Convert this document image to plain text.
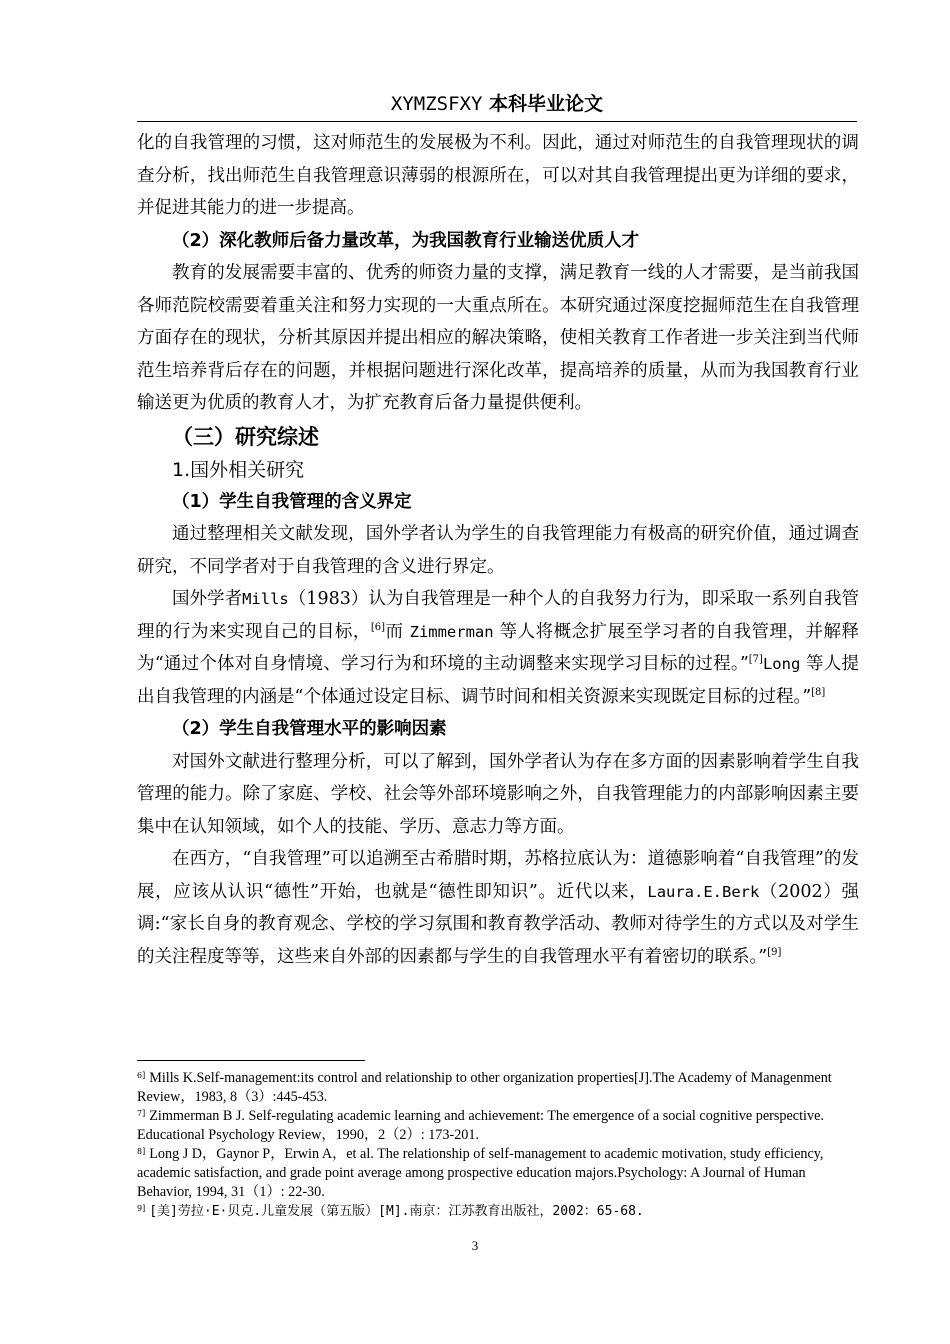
XYMZSFXY 本科毕业论文

化的自我管理的习惯，这对师范生的发展极为不利。因此，通过对师范生的自我管理现状的调查分析，找出师范生自我管理意识薄弱的根源所在，可以对其自我管理提出更为详细的要求，并促进其能力的进一步提高。

（2）深化教师后备力量改革，为我国教育行业输送优质人才

教育的发展需要丰富的、优秀的师资力量的支撑，满足教育一线的人才需要，是当前我国各师范院校需要着重关注和努力实现的一大重点所在。本研究通过深度挖掘师范生在自我管理方面存在的现状，分析其原因并提出相应的解决策略，使相关教育工作者进一步关注到当代师范生培养背后存在的问题，并根据问题进行深化改革，提高培养的质量，从而为我国教育行业输送更为优质的教育人才，为扩充教育后备力量提供便利。

（三）研究综述

1.国外相关研究

（1）学生自我管理的含义界定

通过整理相关文献发现，国外学者认为学生的自我管理能力有极高的研究价值，通过调查研究，不同学者对于自我管理的含义进行界定。

国外学者Mills（1983）认为自我管理是一种个人的自我努力行为，即采取一系列自我管理的行为来实现自己的目标，[6]而 Zimmerman 等人将概念扩展至学习者的自我管理，并解释为“通过个体对自身情境、学习行为和环境的主动调整来实现学习目标的过程。”[7]Long 等人提出自我管理的内涵是“个体通过设定目标、调节时间和相关资源来实现既定目标的过程。”[8]

（2）学生自我管理水平的影响因素

对国外文献进行整理分析，可以了解到，国外学者认为存在多方面的因素影响着学生自我管理的能力。除了家庭、学校、社会等外部环境影响之外，自我管理能力的内部影响因素主要集中在认知领域，如个人的技能、学历、意志力等方面。

在西方，“自我管理”可以追溯至古希腊时期，苏格拉底认为：道德影响着“自我管理”的发展，应该从认识“德性”开始，也就是“德性即知识”。近代以来，Laura.E.Berk（2002）强调:“家长自身的教育观念、学校的学习氛围和教育教学活动、教师对待学生的方式以及对学生的关注程度等等，这些来自外部的因素都与学生的自我管理水平有着密切的联系。”[9]

$^{6]}$ Mills K.Self-management:its control and relationship to other organization properties[J].The Academy of Managenment Review，1983, 8（3）:445-453.

$^{7]}$ Zimmerman B J. Self-regulating academic learning and achievement: The emergence of a social cognitive perspective. Educational Psychology Review，1990，2（2）: 173-201.

$^{8]}$ Long J D，Gaynor P，Erwin A，et al. The relationship of self-management to academic motivation, study efficiency, academic satisfaction, and grade point average among prospective education majors.Psychology: A Journal of Human Behavior, 1994, 31（1）: 22-30.

$^{9]}$ [美]劳拉·E·贝克.儿童发展（第五版）[M].南京：江苏教育出版社，2002：65-68.

3
